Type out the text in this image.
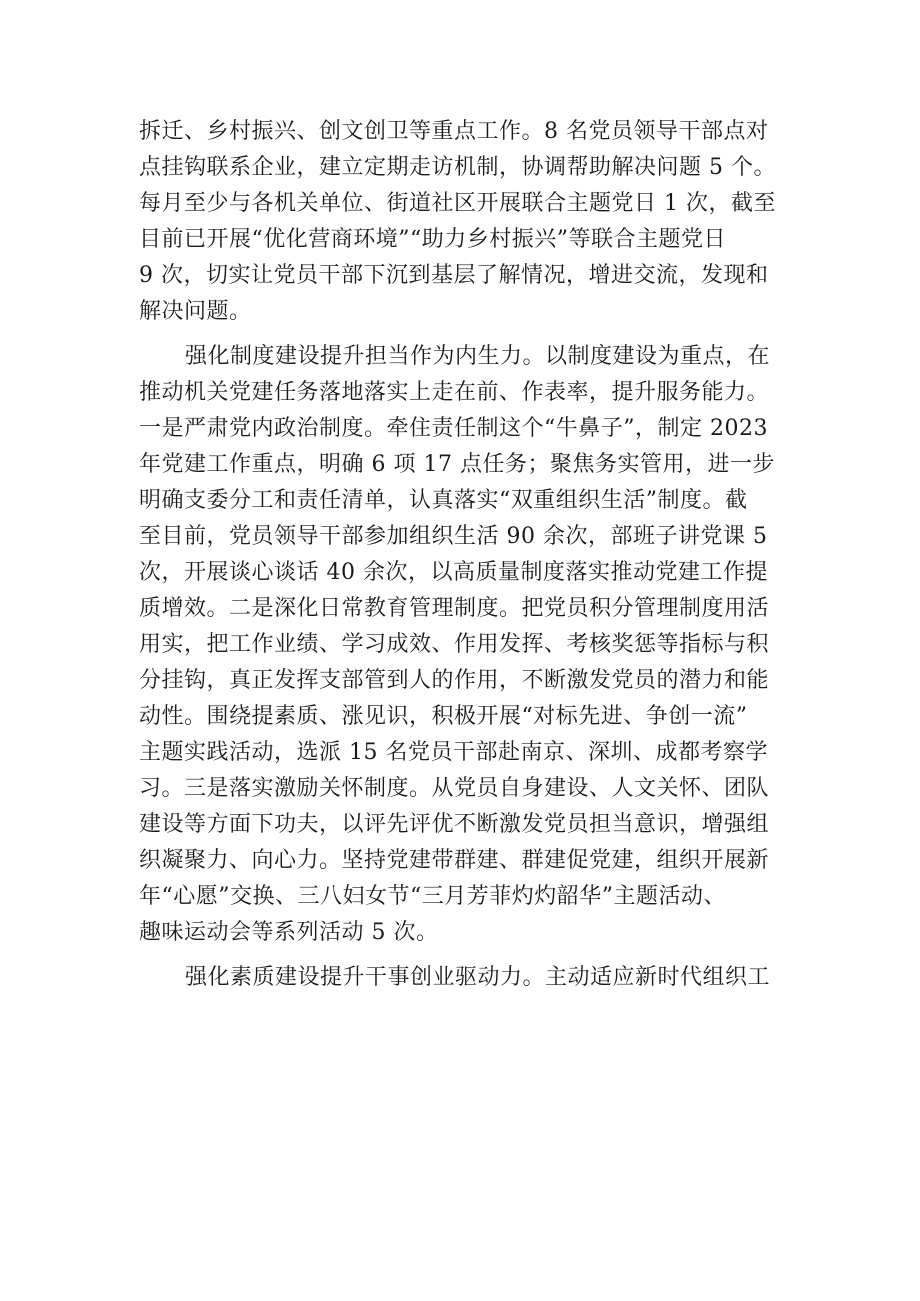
拆迁、乡村振兴、创文创卫等重点工作。8 名党员领导干部点对
点挂钩联系企业，建立定期走访机制，协调帮助解决问题 5 个。
每月至少与各机关单位、街道社区开展联合主题党日 1 次，截至
目前已开展“优化营商环境”“助力乡村振兴”等联合主题党日
9 次，切实让党员干部下沉到基层了解情况，增进交流，发现和
解决问题。
强化制度建设提升担当作为内生力。以制度建设为重点，在
推动机关党建任务落地落实上走在前、作表率，提升服务能力。
一是严肃党内政治制度。牵住责任制这个“牛鼻子”，制定 2023
年党建工作重点，明确 6 项 17 点任务；聚焦务实管用，进一步
明确支委分工和责任清单，认真落实“双重组织生活”制度。截
至目前，党员领导干部参加组织生活 90 余次，部班子讲党课 5
次，开展谈心谈话 40 余次，以高质量制度落实推动党建工作提
质增效。二是深化日常教育管理制度。把党员积分管理制度用活
用实，把工作业绩、学习成效、作用发挥、考核奖惩等指标与积
分挂钩，真正发挥支部管到人的作用，不断激发党员的潜力和能
动性。围绕提素质、涨见识，积极开展“对标先进、争创一流”
主题实践活动，选派 15 名党员干部赴南京、深圳、成都考察学
习。三是落实激励关怀制度。从党员自身建设、人文关怀、团队
建设等方面下功夫，以评先评优不断激发党员担当意识，增强组
织凝聚力、向心力。坚持党建带群建、群建促党建，组织开展新
年“心愿”交换、三八妇女节“三月芳菲灼灼韶华”主题活动、
趣味运动会等系列活动 5 次。
强化素质建设提升干事创业驱动力。主动适应新时代组织工
